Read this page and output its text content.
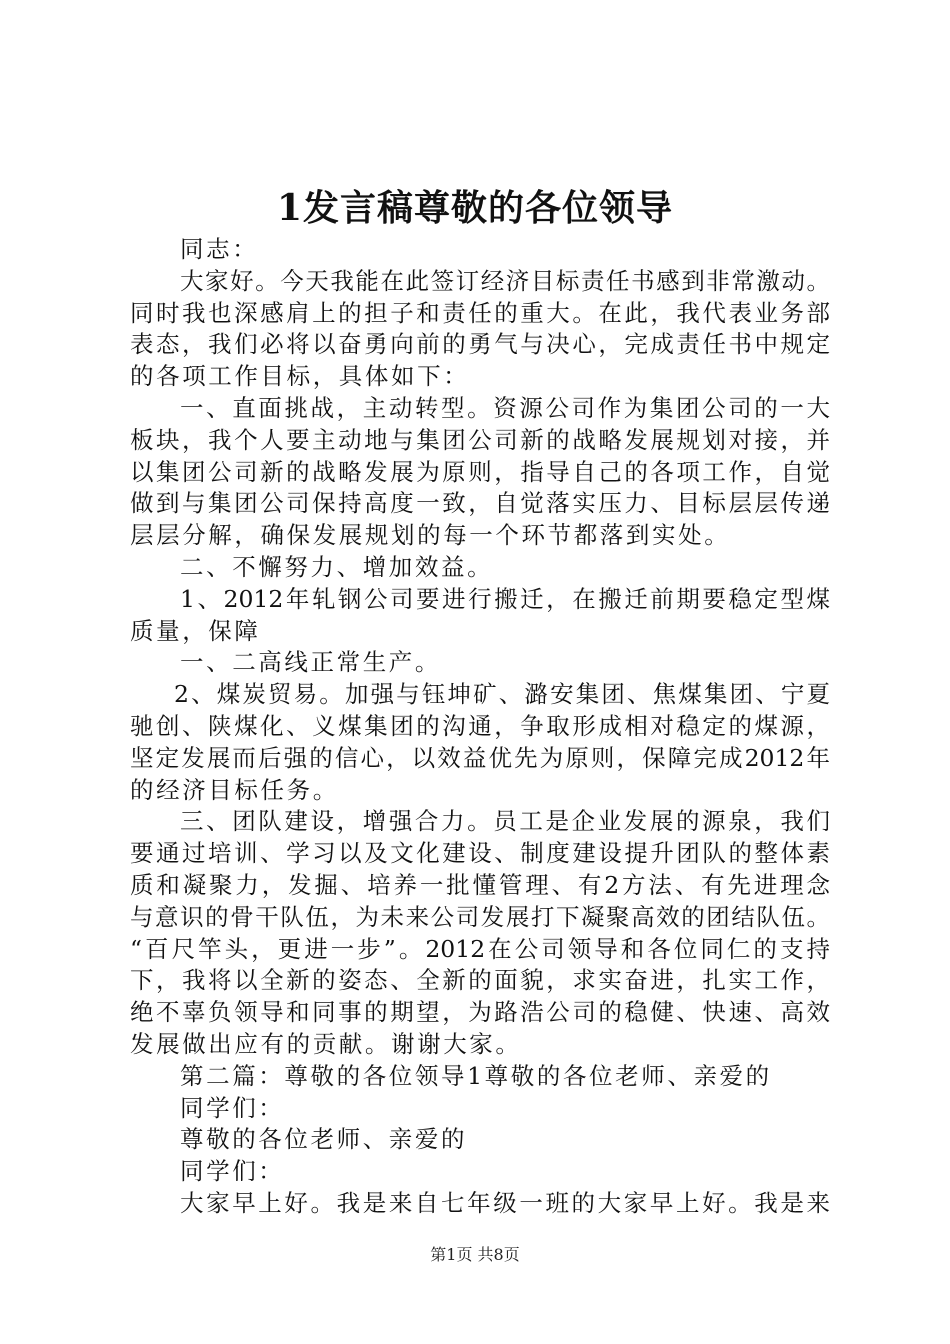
1发言稿尊敬的各位领导
同志：
大家好。今天我能在此签订经济目标责任书感到非常激动。
同时我也深感肩上的担子和责任的重大。在此，我代表业务部
表态，我们必将以奋勇向前的勇气与决心，完成责任书中规定
的各项工作目标，具体如下：
一、直面挑战，主动转型。资源公司作为集团公司的一大
板块，我个人要主动地与集团公司新的战略发展规划对接，并
以集团公司新的战略发展为原则，指导自己的各项工作，自觉
做到与集团公司保持高度一致，自觉落实压力、目标层层传递
层层分解，确保发展规划的每一个环节都落到实处。
二、不懈努力、增加效益。
1、2012年轧钢公司要进行搬迁，在搬迁前期要稳定型煤
质量，保障
一、二高线正常生产。
2、煤炭贸易。加强与钰坤矿、潞安集团、焦煤集团、宁夏
驰创、陕煤化、义煤集团的沟通，争取形成相对稳定的煤源，
坚定发展而后强的信心，以效益优先为原则，保障完成2012年
的经济目标任务。
三、团队建设，增强合力。员工是企业发展的源泉，我们
要通过培训、学习以及文化建设、制度建设提升团队的整体素
质和凝聚力，发掘、培养一批懂管理、有2方法、有先进理念
与意识的骨干队伍，为未来公司发展打下凝聚高效的团结队伍。
“百尺竿头，更进一步”。2012在公司领导和各位同仁的支持
下，我将以全新的姿态、全新的面貌，求实奋进，扎实工作，
绝不辜负领导和同事的期望，为路浩公司的稳健、快速、高效
发展做出应有的贡献。谢谢大家。
第二篇：尊敬的各位领导1尊敬的各位老师、亲爱的
同学们：
尊敬的各位老师、亲爱的
同学们：
大家早上好。我是来自七年级一班的大家早上好。我是来
第1页 共8页
